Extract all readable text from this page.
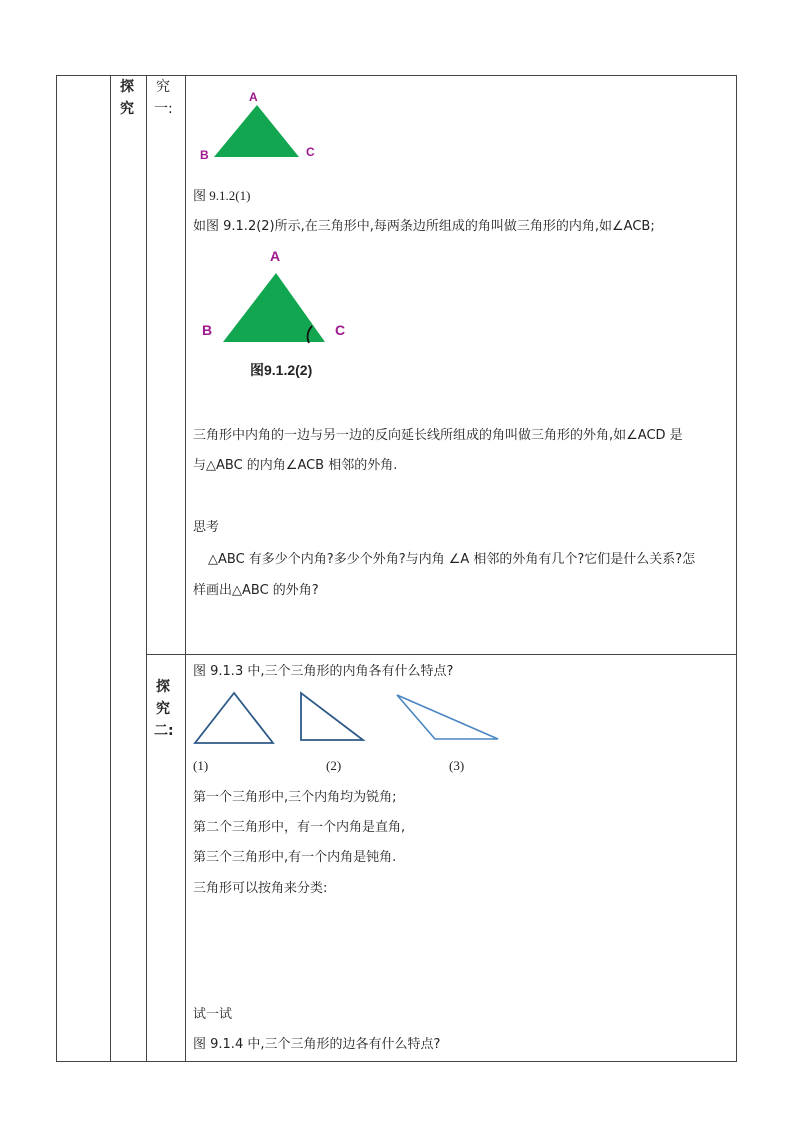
探
究
究
一:
探
究
二:
A
B	C
图 9.1.2(1)
如图 9.1.2(2)所示,在三角形中,每两条边所组成的角叫做三角形的内角,如∠ACB;
A
B	C
图9.1.2(2)
三角形中内角的一边与另一边的反向延长线所组成的角叫做三角形的外角,如∠ACD 是
与△ABC 的内角∠ACB 相邻的外角.
思考
△ABC 有多少个内角?多少个外角?与内角 ∠A 相邻的外角有几个?它们是什么关系?怎
样画出△ABC 的外角?
图 9.1.3 中,三个三角形的内角各有什么特点?
(1)	(2)	(3)
第一个三角形中,三个内角均为锐角;
第二个三角形中，有一个内角是直角,
第三个三角形中,有一个内角是钝角.
三角形可以按角来分类:
试一试
图 9.1.4 中,三个三角形的边各有什么特点?
